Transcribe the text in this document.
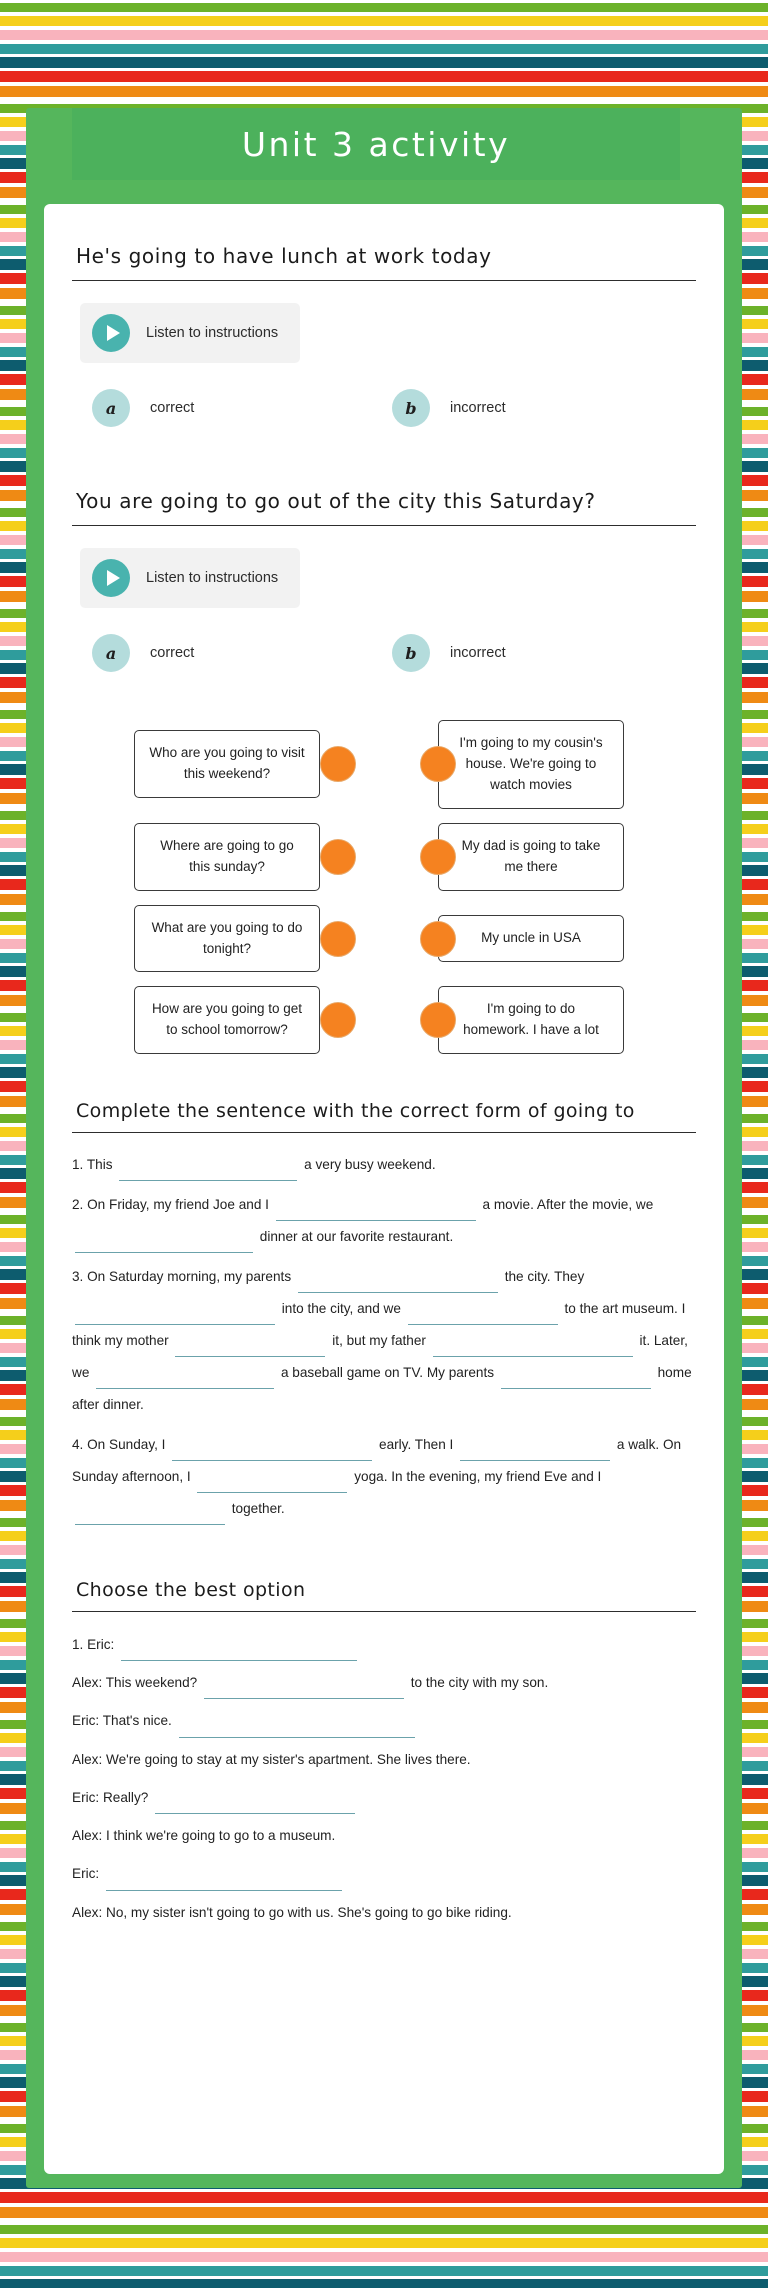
Unit 3 activity
He's going to have lunch at work today
Listen to instructions
a	correct	b	incorrect
You are going to go out of the city this Saturday?
Listen to instructions
a	correct	b	incorrect
Who are you going to visit this weekend?
I'm going to my cousin's house. We're going to watch movies
Where are going to go this sunday?
My dad is going to take me there
What are you going to do tonight?
My uncle in USA
How are you going to get to school tomorrow?
I'm going to do homework. I have a lot
Complete the sentence with the correct form of going to
1. This	a very busy weekend.
2. On Friday, my friend Joe and I	a movie. After the movie, we  dinner at our favorite restaurant.
3. On Saturday morning, my parents	the city. They  into the city, and we	to the art museum. I think my mother	it, but my father	it. Later, we	a baseball game on TV. My parents	home after dinner.
4. On Sunday, I	early. Then I	a walk. On Sunday afternoon, I	yoga. In the evening, my friend Eve and I  together.
Choose the best option
1. Eric:
Alex: This weekend?	to the city with my son.
Eric: That's nice.
Alex: We're going to stay at my sister's apartment. She lives there.
Eric: Really?
Alex: I think we're going to go to a museum.
Eric:
Alex: No, my sister isn't going to go with us. She's going to go bike riding.
